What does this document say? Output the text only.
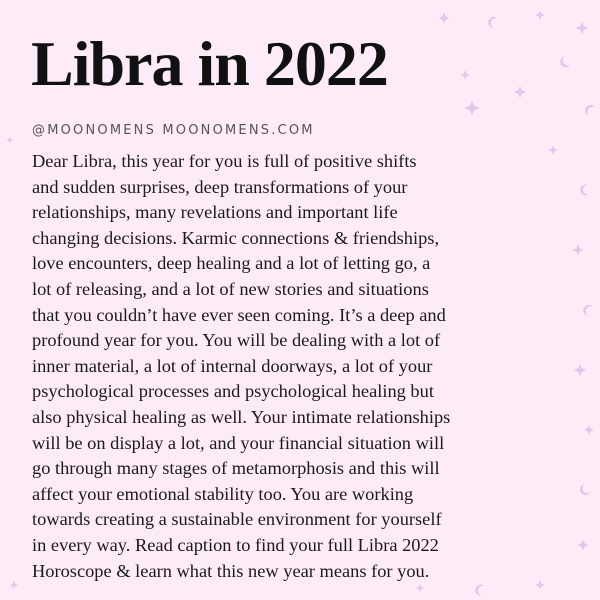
Libra in 2022

@MOONOMENS MOONOMENS.COM

Dear Libra, this year for you is full of positive shifts
and sudden surprises, deep transformations of your
relationships, many revelations and important life
changing decisions. Karmic connections & friendships,
love encounters, deep healing and a lot of letting go, a
lot of releasing, and a lot of new stories and situations
that you couldn’t have ever seen coming. It’s a deep and
profound year for you. You will be dealing with a lot of
inner material, a lot of internal doorways, a lot of your
psychological processes and psychological healing but
also physical healing as well. Your intimate relationships
will be on display a lot, and your financial situation will
go through many stages of metamorphosis and this will
affect your emotional stability too. You are working
towards creating a sustainable environment for yourself
in every way. Read caption to find your full Libra 2022
Horoscope & learn what this new year means for you.
